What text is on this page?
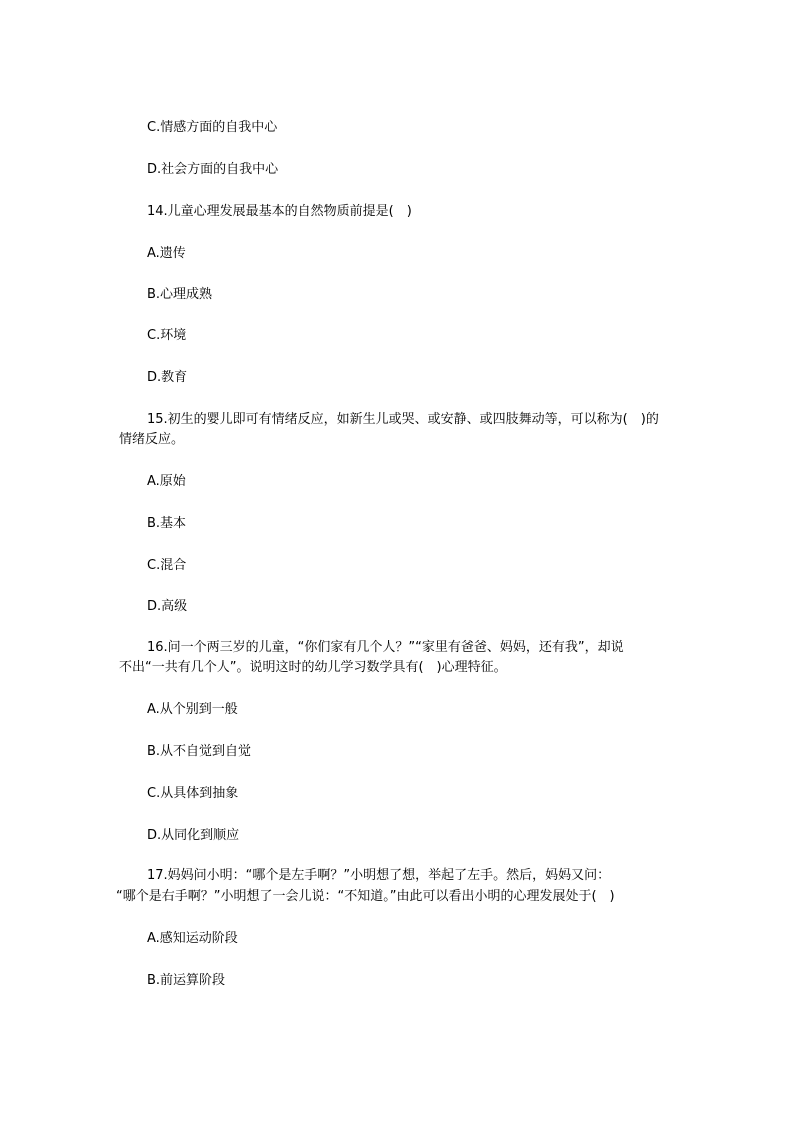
C.情感方面的自我中心
D.社会方面的自我中心
14.儿童心理发展最基本的自然物质前提是(　)
A.遗传
B.心理成熟
C.环境
D.教育
15.初生的婴儿即可有情绪反应，如新生儿或哭、或安静、或四肢舞动等，可以称为(　)的
情绪反应。
A.原始
B.基本
C.混合
D.高级
16.问一个两三岁的儿童，“你们家有几个人？”“家里有爸爸、妈妈，还有我”，却说
不出“一共有几个人”。说明这时的幼儿学习数学具有(　)心理特征。
A.从个别到一般
B.从不自觉到自觉
C.从具体到抽象
D.从同化到顺应
17.妈妈问小明：“哪个是左手啊？”小明想了想，举起了左手。然后，妈妈又问：
“哪个是右手啊？”小明想了一会儿说：“不知道。”由此可以看出小明的心理发展处于(　)
A.感知运动阶段
B.前运算阶段
